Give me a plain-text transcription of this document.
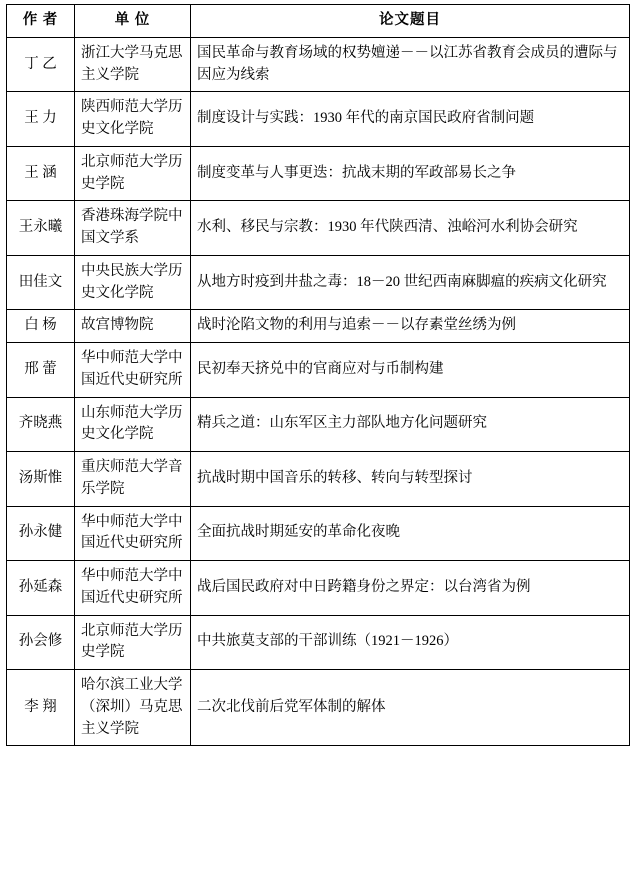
作 者	单 位	论文题目
丁 乙	浙江大学马克思主义学院	国民革命与教育场域的权势嬗递－－以江苏省教育会成员的遭际与因应为线索
王 力	陕西师范大学历史文化学院	制度设计与实践：1930 年代的南京国民政府省制问题
王 涵	北京师范大学历史学院	制度变革与人事更迭：抗战末期的军政部易长之争
王永曦	香港珠海学院中国文学系	水利、移民与宗教：1930 年代陕西清、浊峪河水利协会研究
田佳文	中央民族大学历史文化学院	从地方时疫到井盐之毒：18－20 世纪西南麻脚瘟的疾病文化研究
白 杨	故宫博物院	战时沦陷文物的利用与追索－－以存素堂丝绣为例
邢 蕾	华中师范大学中国近代史研究所	民初奉天挤兑中的官商应对与币制构建
齐晓燕	山东师范大学历史文化学院	精兵之道：山东军区主力部队地方化问题研究
汤斯惟	重庆师范大学音乐学院	抗战时期中国音乐的转移、转向与转型探讨
孙永健	华中师范大学中国近代史研究所	全面抗战时期延安的革命化夜晚
孙延森	华中师范大学中国近代史研究所	战后国民政府对中日跨籍身份之界定：以台湾省为例
孙会修	北京师范大学历史学院	中共旅莫支部的干部训练（1921－1926）
李 翔	哈尔滨工业大学（深圳）马克思主义学院	二次北伐前后党军体制的解体
